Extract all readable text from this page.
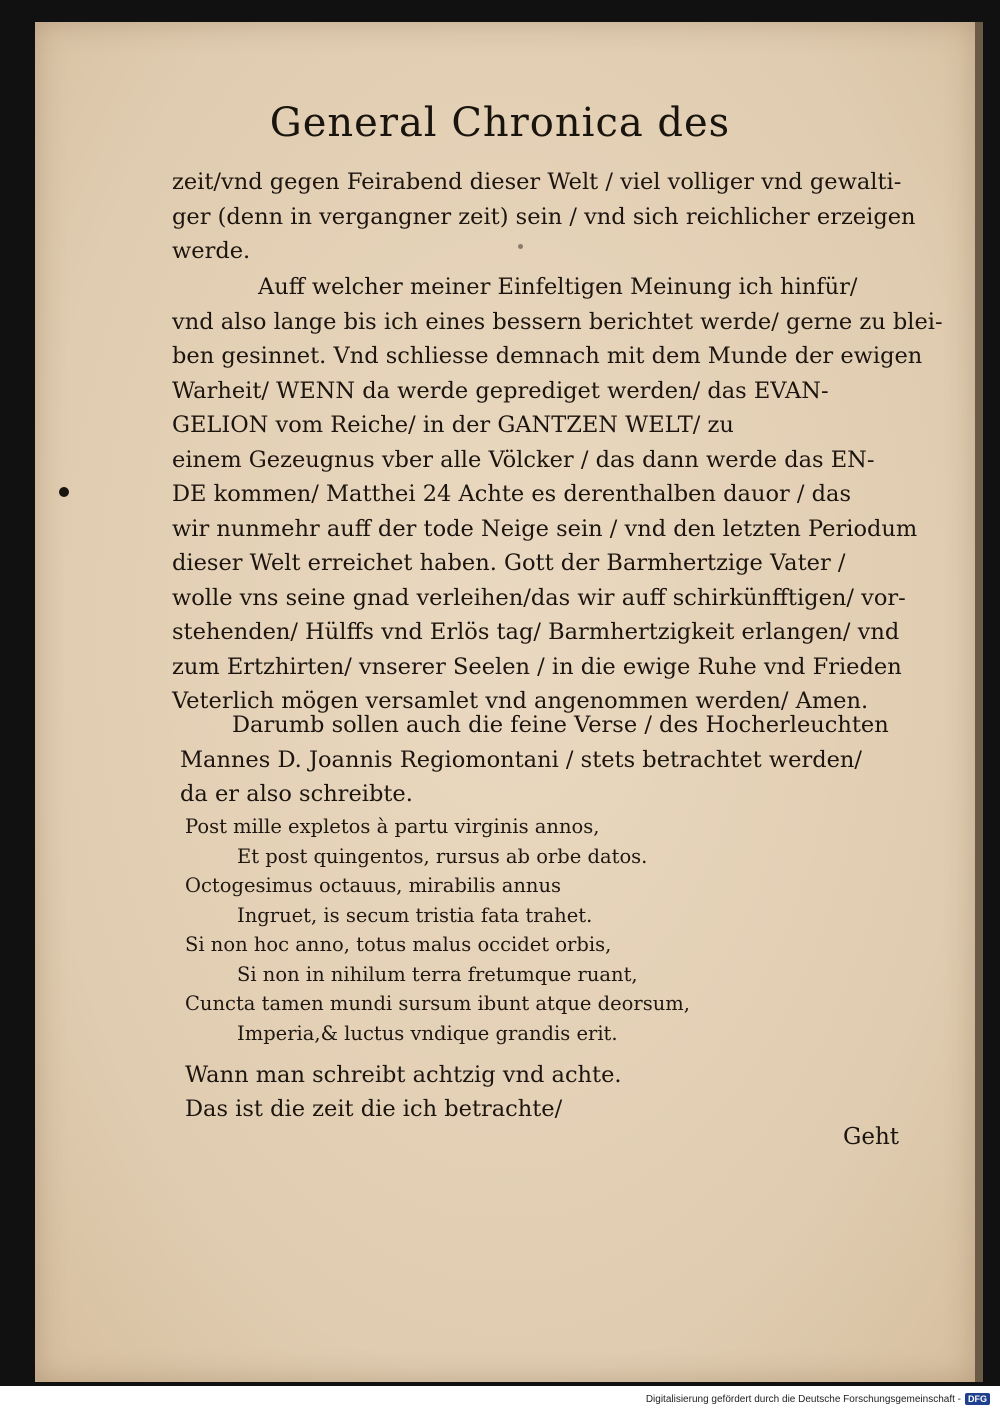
General Chronica des
zeit/vnd gegen Feirabend dieser Welt / viel volliger vnd gewalti-
ger (denn in vergangner zeit) sein / vnd sich reichlicher erzeigen
werde.
Auff welcher meiner Einfeltigen Meinung ich hinfür/
vnd also lange bis ich eines bessern berichtet werde/ gerne zu blei-
ben gesinnet. Vnd schliesse demnach mit dem Munde der ewigen
Warheit/ WENN da werde geprediget werden/ das EVAN-
GELION vom Reiche/ in der GANTZEN WELT/ zu
einem Gezeugnus vber alle Völcker / das dann werde das EN-
DE kommen/ Matthei 24 Achte es derenthalben dauor / das
wir nunmehr auff der tode Neige sein / vnd den letzten Periodum
dieser Welt erreichet haben. Gott der Barmhertzige Vater /
wolle vns seine gnad verleihen/das wir auff schirkünfftigen/ vor-
stehenden/ Hülffs vnd Erlös tag/ Barmhertzigkeit erlangen/ vnd
zum Ertzhirten/ vnserer Seelen / in die ewige Ruhe vnd Frieden
Veterlich mögen versamlet vnd angenommen werden/ Amen.
Darumb sollen auch die feine Verse / des Hocherleuchten
Mannes D. Joannis Regiomontani / stets betrachtet werden/
da er also schreibte.
Post mille expletos à partu virginis annos,
Et post quingentos, rursus ab orbe datos.
Octogesimus octauus, mirabilis annus
Ingruet, is secum tristia fata trahet.
Si non hoc anno, totus malus occidet orbis,
Si non in nihilum terra fretumque ruant,
Cuncta tamen mundi sursum ibunt atque deorsum,
Imperia,& luctus vndique grandis erit.
Wann man schreibt achtzig vnd achte.
Das ist die zeit die ich betrachte/
Geht
Digitalisierung gefördert durch die Deutsche Forschungsgemeinschaft - DFG
